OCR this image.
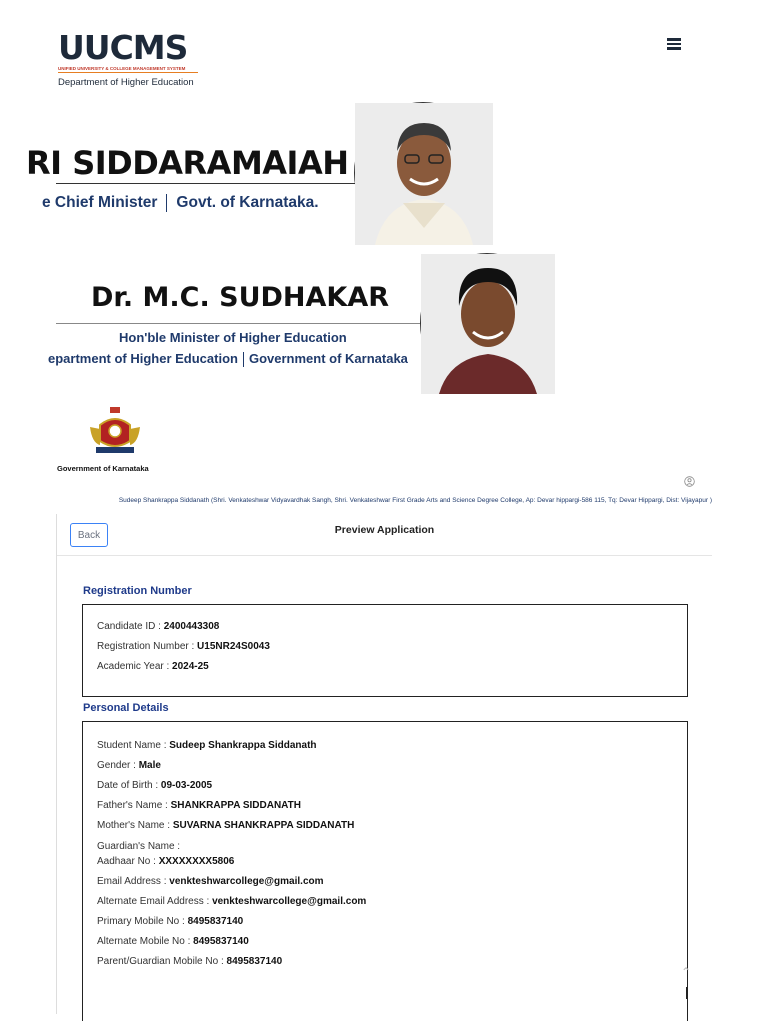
UUCMS
UNIFIED UNIVERSITY & COLLEGE MANAGEMENT SYSTEM
Department of Higher Education
RI SIDDARAMAIAH
e Chief Minister Govt. of Karnataka.
Dr. M.C. SUDHAKAR
Hon'ble Minister of Higher Education
epartment of Higher Education Government of Karnataka
Government of Karnataka
Sudeep Shankrappa Siddanath (Shri. Venkateshwar Vidyavardhak Sangh, Shri. Venkateshwar First Grade Arts and Science Degree College, Ap: Devar hippargi-586 115, Tq: Devar Hippargi, Dist: Vijayapur )
Back	Preview Application
Registration Number
Candidate ID : 2400443308
Registration Number : U15NR24S0043
Academic Year : 2024-25
Personal Details
Student Name : Sudeep Shankrappa Siddanath
Gender : Male
Date of Birth : 09-03-2005
Father's Name : SHANKRAPPA SIDDANATH
Mother's Name : SUVARNA SHANKRAPPA SIDDANATH
Guardian's Name :
Aadhaar No : XXXXXXXX5806
Email Address : venkteshwarcollege@gmail.com
Alternate Email Address : venkteshwarcollege@gmail.com
Primary Mobile No : 8495837140
Alternate Mobile No : 8495837140
Parent/Guardian Mobile No : 8495837140
⌃
